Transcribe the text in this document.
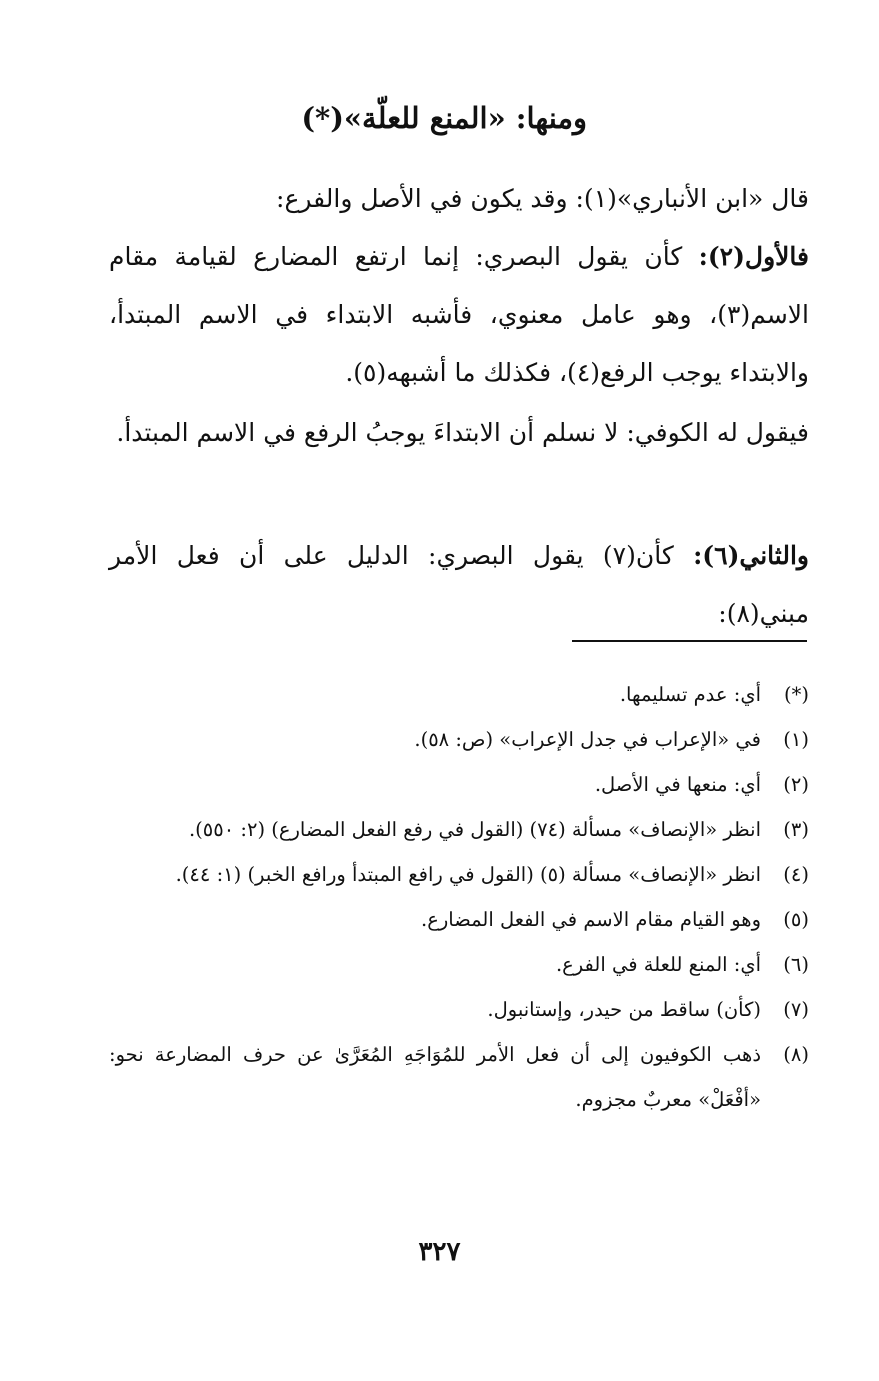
ومنها: «المنع للعلّة»(*)

قال «ابن الأنباري»(١): وقد يكون في الأصل والفرع:

فالأول(٢): كأن يقول البصري: إنما ارتفع المضارع لقيامة مقام الاسم(٣)، وهو عامل معنوي، فأشبه الابتداء في الاسم المبتدأ، والابتداء يوجب الرفع(٤)، فكذلك ما أشبهه(٥).

فيقول له الكوفي: لا نسلم أن الابتداءَ يوجبُ الرفع في الاسم المبتدأ.

والثاني(٦): كأن(٧) يقول البصري: الدليل على أن فعل الأمر مبني(٨):

(*)
أي: عدم تسليمها.
(١)
في «الإعراب في جدل الإعراب» (ص: ٥٨).
(٢)
أي: منعها في الأصل.
(٣)
انظر «الإنصاف» مسألة (٧٤) (القول في رفع الفعل المضارع) (٢: ٥٥٠).
(٤)
انظر «الإنصاف» مسألة (٥) (القول في رافع المبتدأ ورافع الخبر) (١: ٤٤).
(٥)
وهو القيام مقام الاسم في الفعل المضارع.
(٦)
أي: المنع للعلة في الفرع.
(٧)
(كأن) ساقط من حيدر، وإستانبول.
(٨)
ذهب الكوفيون إلى أن فعل الأمر للمُوَاجَهِ المُعَرَّىٰ عن حرف المضارعة نحو: «أفْعَلْ» معربٌ مجزوم.
٣٢٧
